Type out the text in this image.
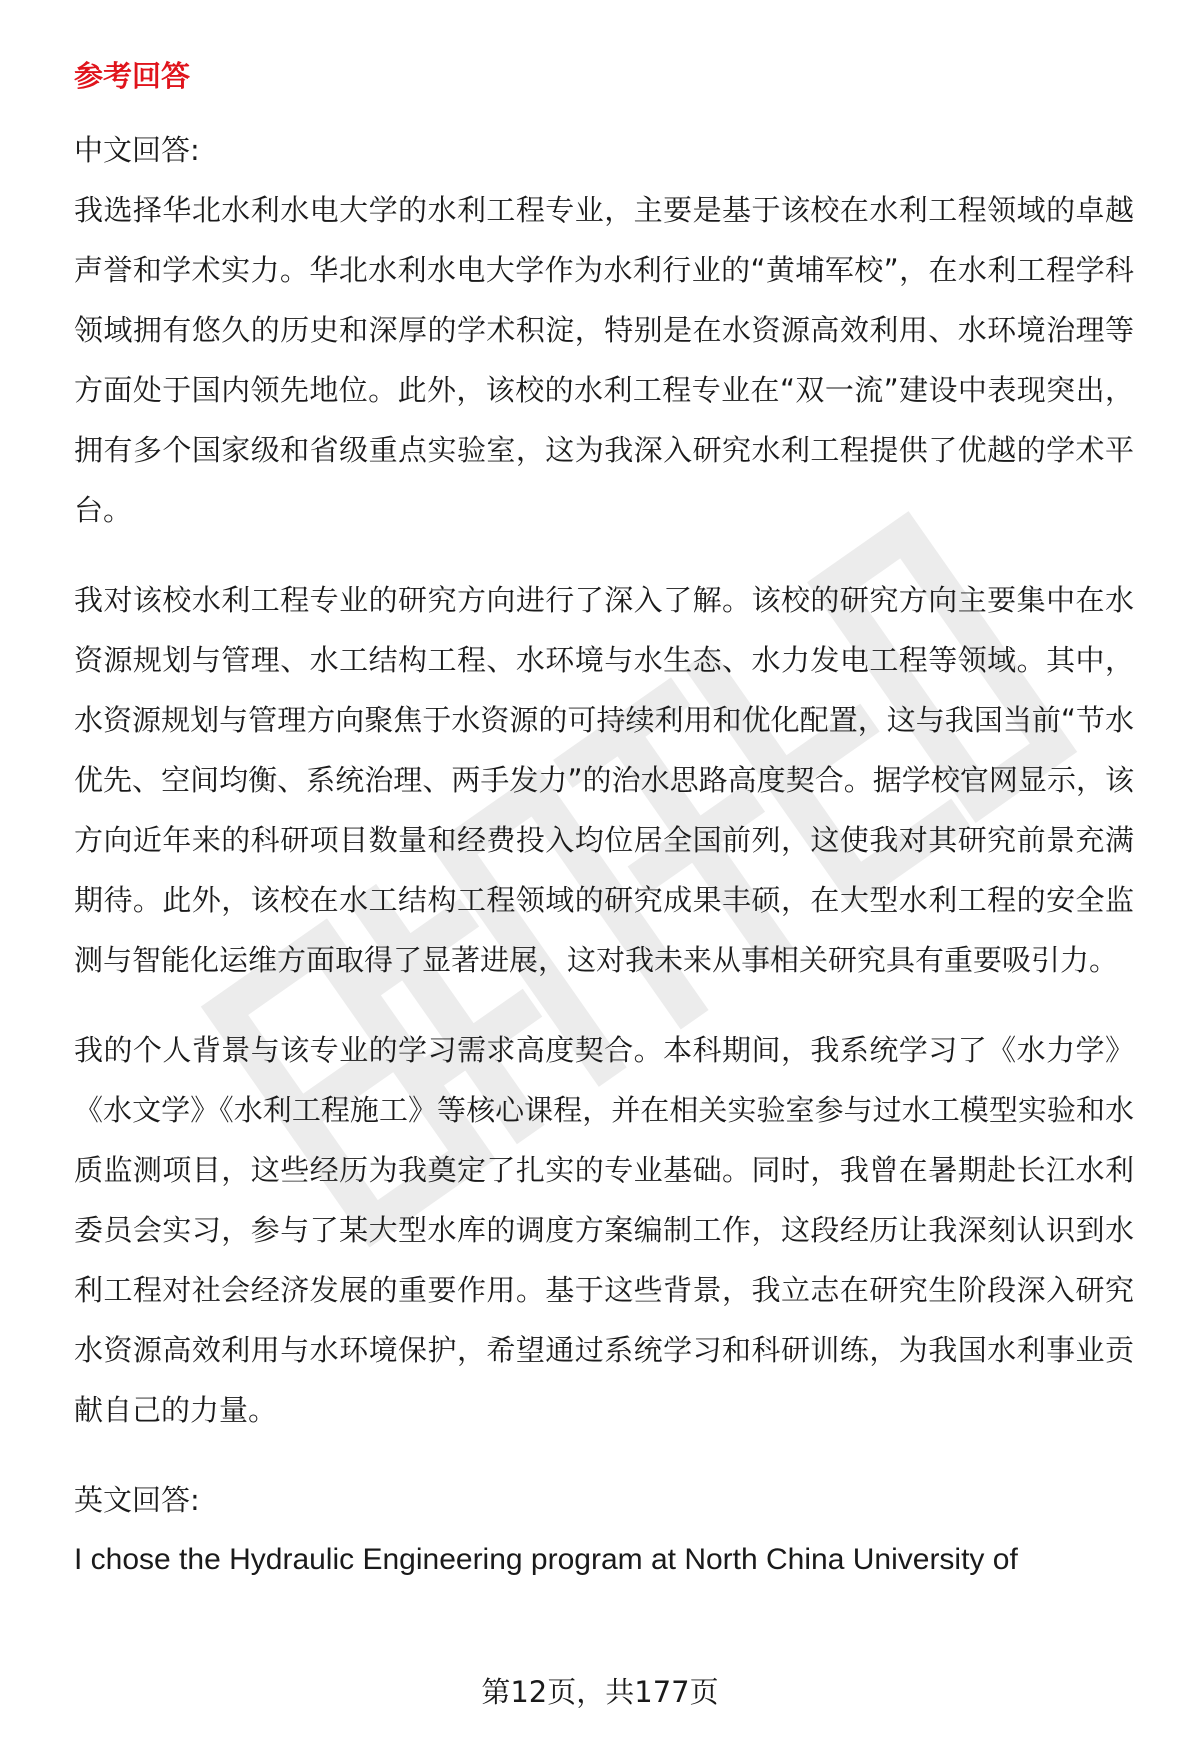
参考回答
中文回答:

我选择华北水利水电大学的水利工程专业，主要是基于该校在水利工程领域的卓越声誉和学术实力。华北水利水电大学作为水利行业的“黄埔军校”，在水利工程学科领域拥有悠久的历史和深厚的学术积淀，特别是在水资源高效利用、水环境治理等方面处于国内领先地位。此外，该校的水利工程专业在“双一流”建设中表现突出，拥有多个国家级和省级重点实验室，这为我深入研究水利工程提供了优越的学术平台。

我对该校水利工程专业的研究方向进行了深入了解。该校的研究方向主要集中在水资源规划与管理、水工结构工程、水环境与水生态、水力发电工程等领域。其中，水资源规划与管理方向聚焦于水资源的可持续利用和优化配置，这与我国当前“节水优先、空间均衡、系统治理、两手发力”的治水思路高度契合。据学校官网显示，该方向近年来的科研项目数量和经费投入均位居全国前列，这使我对其研究前景充满期待。此外，该校在水工结构工程领域的研究成果丰硕，在大型水利工程的安全监测与智能化运维方面取得了显著进展，这对我未来从事相关研究具有重要吸引力。

我的个人背景与该专业的学习需求高度契合。本科期间，我系统学习了《水力学》《水文学》《水利工程施工》等核心课程，并在相关实验室参与过水工模型实验和水质监测项目，这些经历为我奠定了扎实的专业基础。同时，我曾在暑期赴长江水利委员会实习，参与了某大型水库的调度方案编制工作，这段经历让我深刻认识到水利工程对社会经济发展的重要作用。基于这些背景，我立志在研究生阶段深入研究水资源高效利用与水环境保护，希望通过系统学习和科研训练，为我国水利事业贡献自己的力量。

英文回答:

I chose the Hydraulic Engineering program at North China University of

第12页，共177页
